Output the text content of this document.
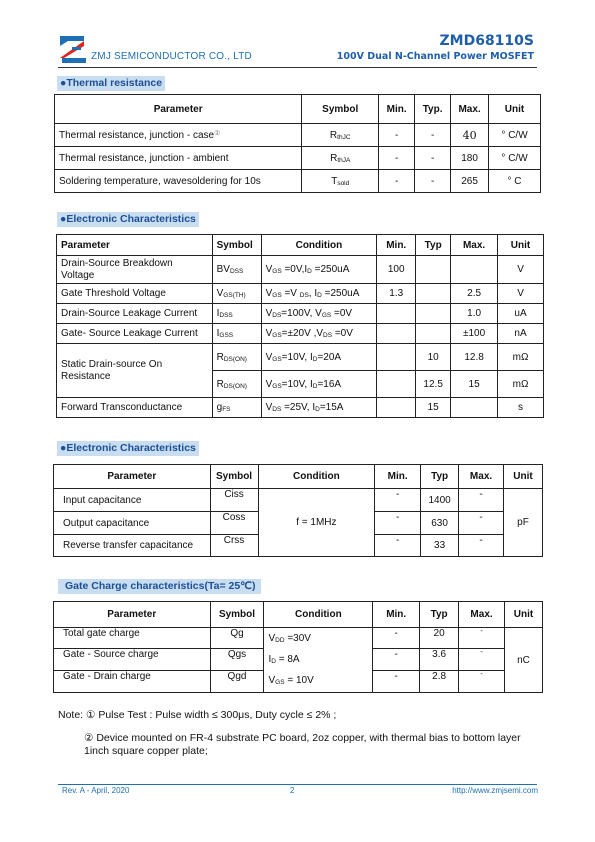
ZMJ SEMICONDUCTOR CO., LTD
ZMD68110S
100V Dual N-Channel Power MOSFET
●Thermal resistance
Parameter	Symbol	Min.	Typ.	Max.	Unit
Thermal resistance, junction - case①	$R_{thJC}$	-	-	40	° C/W
Thermal resistance, junction - ambient	$R_{thJA}$	-	-	180	° C/W
Soldering temperature, wavesoldering for 10s	$T_{sold}$	-	-	265	° C
●Electronic Characteristics
Parameter	Symbol	Condition	Min.	Typ	Max.	Unit
Drain-Source Breakdown Voltage	$BV_{DSS}$	$V_{GS} =0V,I_D =250uA$	100			V
Gate Threshold Voltage	$V_{GS(TH)}$	$V_{GS} =V$ $_{DS}$, $I_D =250uA$	1.3		2.5	V
Drain-Source Leakage Current	$I_{DSS}$	$V_{DS}=100V$, $V_{GS} =0V$			1.0	uA
Gate- Source Leakage Current	$I_{GSS}$	$V_{GS}=\pm 20V$ $,V_{DS} =0V$			±100	nA
Static Drain-source On Resistance	$R_{DS(ON)}$	$V_{GS}=10V$, $I_D=20A$		10	12.8	mΩ
	$R_{DS(ON)}$	$V_{GS}=10V$, $I_D=16A$		12.5	15	mΩ
Forward Transconductance	$g_{FS}$	$V_{DS} =25V$, $I_D=15A$		15		s
●Electronic Characteristics
Parameter	Symbol	Condition	Min.	Typ	Max.	Unit
Input capacitance	Ciss	f = 1MHz	-	1400	-	pF
Output capacitance	Coss		-	630	-	
Reverse transfer capacitance	Crss		-	33	-	
Gate Charge characteristics(Ta= 25℃)
Parameter	Symbol	Condition	Min.	Typ	Max.	Unit
Total gate charge	Qg	$V_{DD} =30V$
$I_D = 8A$
$V_{GS} = 10V$	-	20	-	nC
Gate - Source charge	Qgs		-	3.6	-	
Gate - Drain charge	Qgd		-	2.8	-	
Note: ① Pulse Test : Pulse width ≤ 300μs, Duty cycle ≤ 2% ;
② Device mounted on FR-4 substrate PC board, 2oz copper, with thermal bias to bottom layer 1inch square copper plate;
Rev. A - April, 2020	2	http://www.zmjsemi.com
